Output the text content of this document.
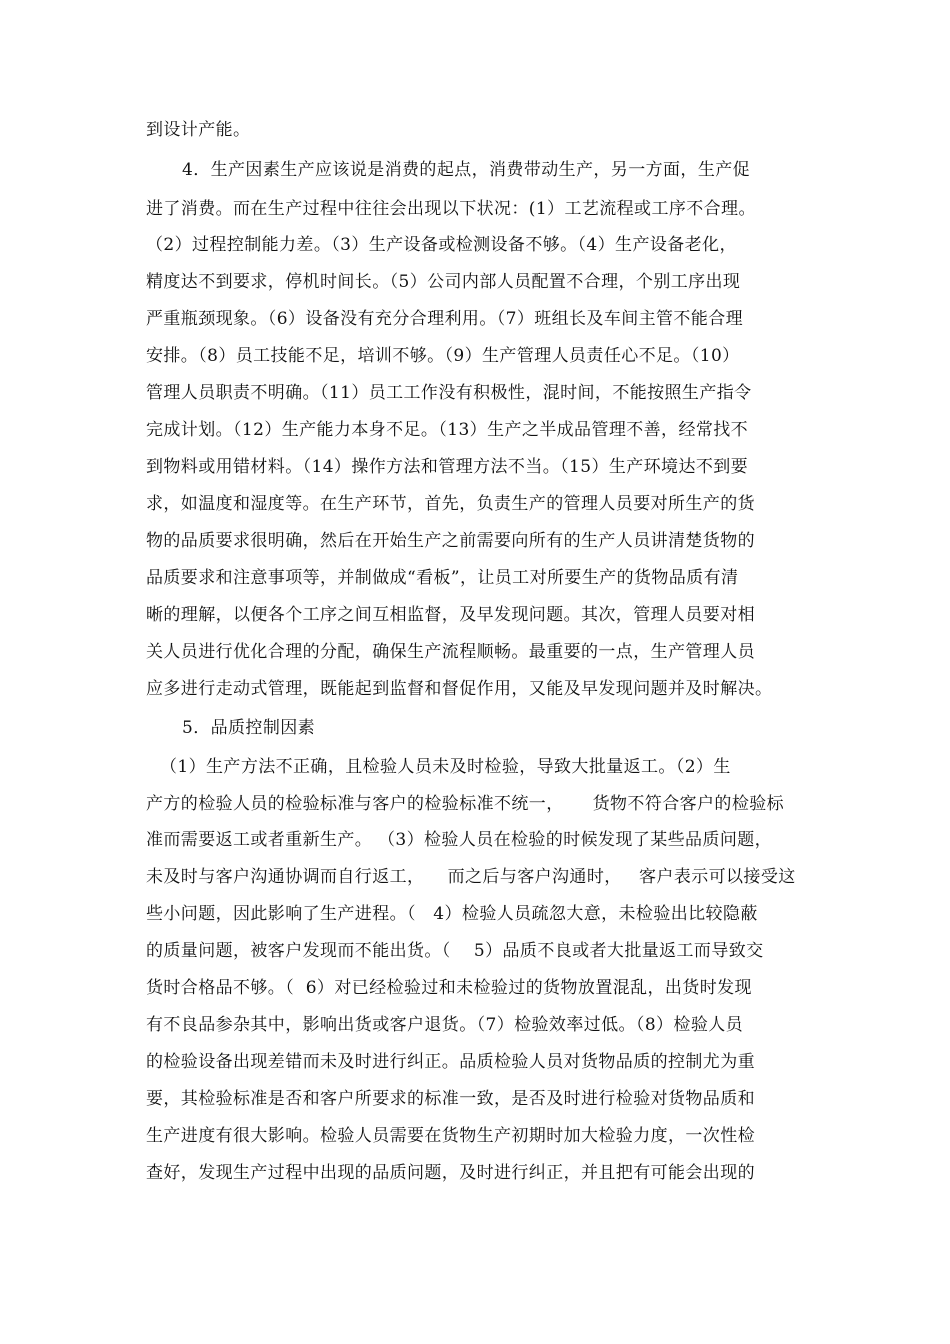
到设计产能。
4．生产因素生产应该说是消费的起点，消费带动生产，另一方面，生产促
进了消费。而在生产过程中往往会出现以下状况：(1）工艺流程或工序不合理。
（2）过程控制能力差。（3）生产设备或检测设备不够。（4）生产设备老化，
精度达不到要求，停机时间长。（5）公司内部人员配置不合理，个别工序出现
严重瓶颈现象。（6）设备没有充分合理利用。（7）班组长及车间主管不能合理
安排。（8）员工技能不足，培训不够。（9）生产管理人员责任心不足。（10）
管理人员职责不明确。（11）员工工作没有积极性，混时间，不能按照生产指令
完成计划。（12）生产能力本身不足。（13）生产之半成品管理不善，经常找不
到物料或用错材料。（14）操作方法和管理方法不当。（15）生产环境达不到要
求，如温度和湿度等。在生产环节，首先，负责生产的管理人员要对所生产的货
物的品质要求很明确，然后在开始生产之前需要向所有的生产人员讲清楚货物的
品质要求和注意事项等，并制做成“看板”，让员工对所要生产的货物品质有清
晰的理解，以便各个工序之间互相监督，及早发现问题。其次，管理人员要对相
关人员进行优化合理的分配，确保生产流程顺畅。最重要的一点，生产管理人员
应多进行走动式管理，既能起到监督和督促作用，又能及早发现问题并及时解决。
5．品质控制因素
（1）生产方法不正确，且检验人员未及时检验，导致大批量返工。（2）生
产方的检验人员的检验标准与客户的检验标准不统一，     货物不符合客户的检验标
准而需要返工或者重新生产。 （3）检验人员在检验的时候发现了某些品质问题，
未及时与客户沟通协调而自行返工，    而之后与客户沟通时，   客户表示可以接受这
些小问题，因此影响了生产进程。（   4）检验人员疏忽大意，未检验出比较隐蔽
的质量问题，被客户发现而不能出货。（    5）品质不良或者大批量返工而导致交
货时合格品不够。（  6）对已经检验过和未检验过的货物放置混乱，出货时发现
有不良品参杂其中，影响出货或客户退货。（7）检验效率过低。（8）检验人员
的检验设备出现差错而未及时进行纠正。品质检验人员对货物品质的控制尤为重
要，其检验标准是否和客户所要求的标准一致，是否及时进行检验对货物品质和
生产进度有很大影响。检验人员需要在货物生产初期时加大检验力度，一次性检
查好，发现生产过程中出现的品质问题，及时进行纠正，并且把有可能会出现的
